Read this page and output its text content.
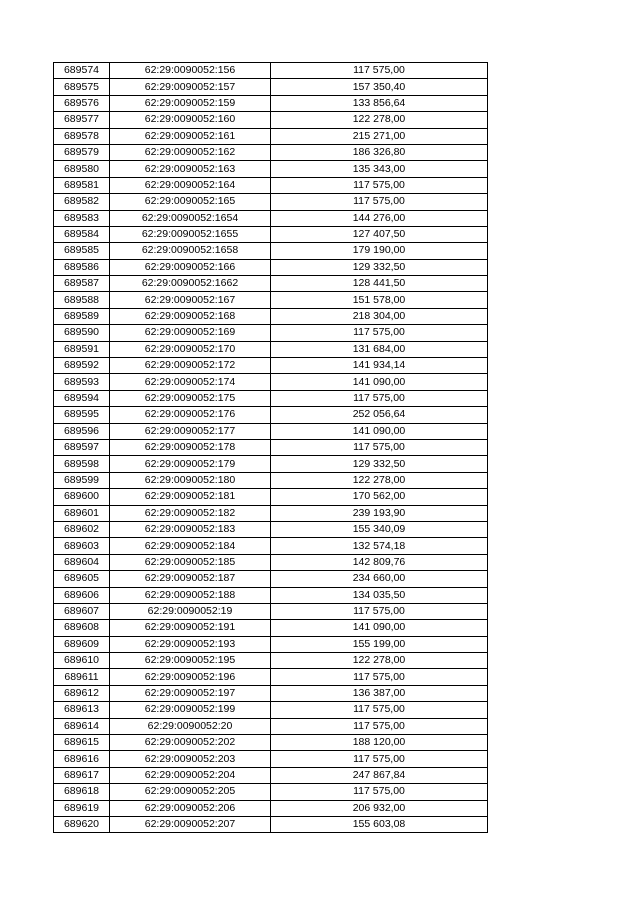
689574	62:29:0090052:156	117 575,00
689575	62:29:0090052:157	157 350,40
689576	62:29:0090052:159	133 856,64
689577	62:29:0090052:160	122 278,00
689578	62:29:0090052:161	215 271,00
689579	62:29:0090052:162	186 326,80
689580	62:29:0090052:163	135 343,00
689581	62:29:0090052:164	117 575,00
689582	62:29:0090052:165	117 575,00
689583	62:29:0090052:1654	144 276,00
689584	62:29:0090052:1655	127 407,50
689585	62:29:0090052:1658	179 190,00
689586	62:29:0090052:166	129 332,50
689587	62:29:0090052:1662	128 441,50
689588	62:29:0090052:167	151 578,00
689589	62:29:0090052:168	218 304,00
689590	62:29:0090052:169	117 575,00
689591	62:29:0090052:170	131 684,00
689592	62:29:0090052:172	141 934,14
689593	62:29:0090052:174	141 090,00
689594	62:29:0090052:175	117 575,00
689595	62:29:0090052:176	252 056,64
689596	62:29:0090052:177	141 090,00
689597	62:29:0090052:178	117 575,00
689598	62:29:0090052:179	129 332,50
689599	62:29:0090052:180	122 278,00
689600	62:29:0090052:181	170 562,00
689601	62:29:0090052:182	239 193,90
689602	62:29:0090052:183	155 340,09
689603	62:29:0090052:184	132 574,18
689604	62:29:0090052:185	142 809,76
689605	62:29:0090052:187	234 660,00
689606	62:29:0090052:188	134 035,50
689607	62:29:0090052:19	117 575,00
689608	62:29:0090052:191	141 090,00
689609	62:29:0090052:193	155 199,00
689610	62:29:0090052:195	122 278,00
689611	62:29:0090052:196	117 575,00
689612	62:29:0090052:197	136 387,00
689613	62:29:0090052:199	117 575,00
689614	62:29:0090052:20	117 575,00
689615	62:29:0090052:202	188 120,00
689616	62:29:0090052:203	117 575,00
689617	62:29:0090052:204	247 867,84
689618	62:29:0090052:205	117 575,00
689619	62:29:0090052:206	206 932,00
689620	62:29:0090052:207	155 603,08
